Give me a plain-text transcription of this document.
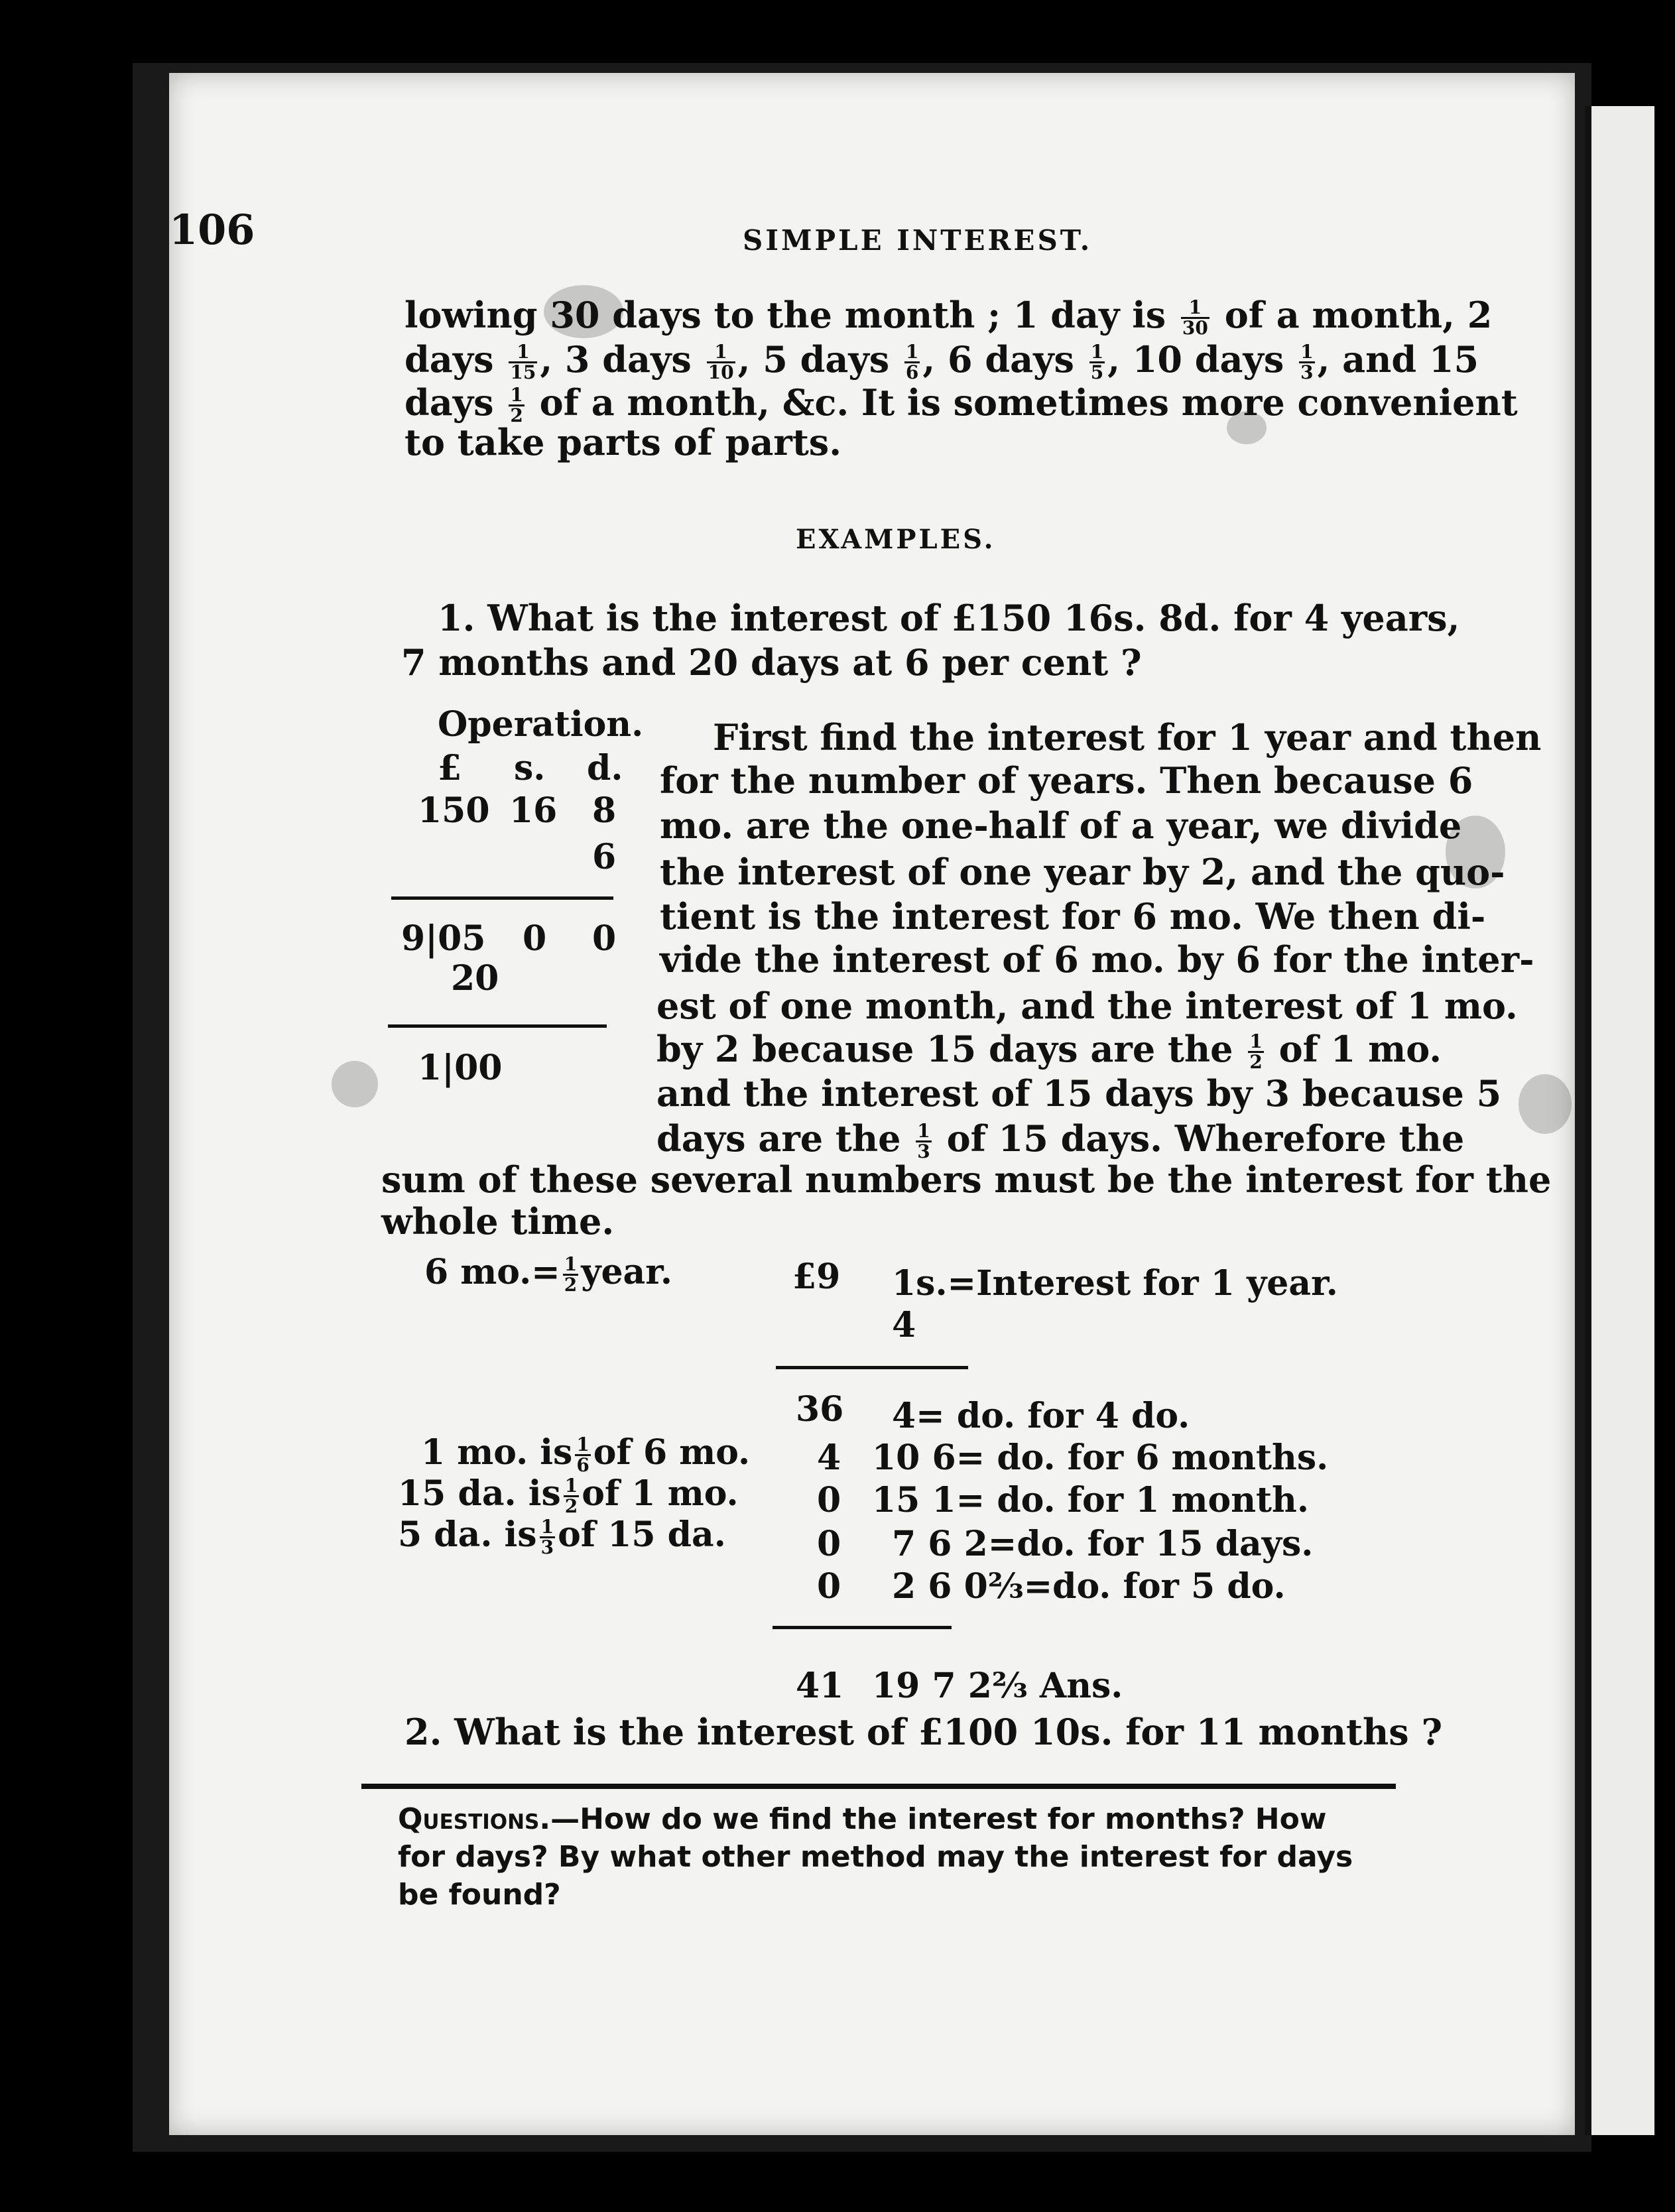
106	SIMPLE INTEREST.
lowing 30 days to the month ; 1 day is $\frac{1}{30}$ of a month, 2
days $\frac{1}{15}$ , 3 days $\frac{1}{10}$ , 5 days $\frac{1}{6}$ , 6 days $\frac{1}{5}$ , 10 days $\frac{1}{3}$ , and 15
days $\frac{1}{2}$ of a month, &c. It is sometimes more convenient
to take parts of parts.
EXAMPLES.
1. What is the interest of £150 16s. 8d. for 4 years,
7 months and 20 days at 6 per cent ?
Operation.
£ s. d.
150 16 8
6
9|05 0 0
20
1|00
First find the interest for 1 year and then
for the number of years. Then because 6
mo. are the one-half of a year, we divide
the interest of one year by 2, and the quo-
tient is the interest for 6 mo. We then di-
vide the interest of 6 mo. by 6 for the inter-
est of one month, and the interest of 1 mo.
by 2 because 15 days are the $\frac{1}{2}$ of 1 mo.
and the interest of 15 days by 3 because 5
days are the $\frac{1}{3}$ of 15 days. Wherefore the
sum of these several numbers must be the interest for the
whole time.
6 $mo.= \frac{1}{2}$ year.
1 mo. is $\frac{1}{6}$ of 6 mo.
15 da. is $\frac{1}{2}$ of 1 mo.
5 da. is $\frac{1}{3}$ of 15 da.
£9 1s.=Interest for 1 year.
4
36 4= do. for 4 do.
4 10 6= do. for 6 months.
0 15 1= do. for 1 month.
0 7 6 2=do. for 15 days.
0 2 6 0⅔=do. for 5 do.
41 19 7 2⅔ Ans.
2. What is the interest of £100 10s. for 11 months ?
Questions.—How do we find the interest for months? How for days? By what other method may the interest for days be found?
